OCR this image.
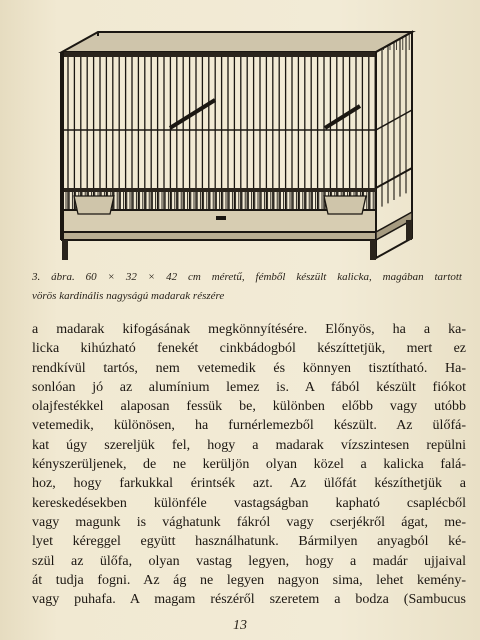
3. ábra. 60 × 32 × 42 cm méretű, fémből készült kalicka, magában tartott
vörös kardinális nagyságú madarak részére
a madarak kifogásának megkönnyítésére. Előnyös, ha a ka-
licka kihúzható fenekét cinkbádogból készíttetjük, mert ez
rendkívül tartós, nem vetemedik és könnyen tisztítható. Ha-
sonlóan jó az alumínium lemez is. A fából készült fiókot
olajfestékkel alaposan fessük be, különben előbb vagy utóbb
vetemedik, különösen, ha furnérlemezből készült. Az ülőfá-
kat úgy szereljük fel, hogy a madarak vízszintesen repülni
kényszerüljenek, de ne kerüljön olyan közel a kalicka falá-
hoz, hogy farkukkal érintsék azt. Az ülőfát készíthetjük a
kereskedésekben különféle vastagságban kapható csaplécből
vagy magunk is vághatunk fákról vagy cserjékről ágat, me-
lyet kéreggel együtt használhatunk. Bármilyen anyagból ké-
szül az ülőfa, olyan vastag legyen, hogy a madár ujjaival
át tudja fogni. Az ág ne legyen nagyon sima, lehet kemény-
vagy puhafa. A magam részéről szeretem a bodza (Sambucus
13
